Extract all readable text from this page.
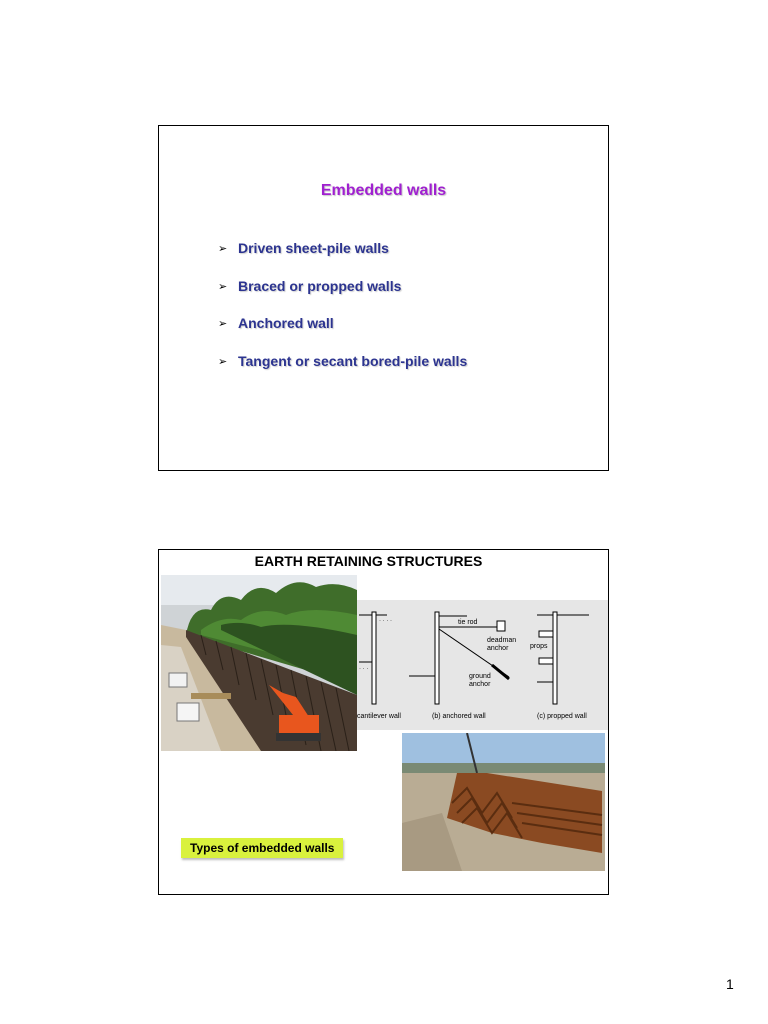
Embedded walls
➢ Driven sheet-pile walls
➢ Braced or propped walls
➢ Anchored wall
➢ Tangent or secant bored-pile walls
EARTH RETAINING STRUCTURES
· · · ·
· · ·
tie rod
deadman
anchor
ground
anchor
props
cantilever wall	(b) anchored wall	(c) propped wall
Types of embedded walls
1
